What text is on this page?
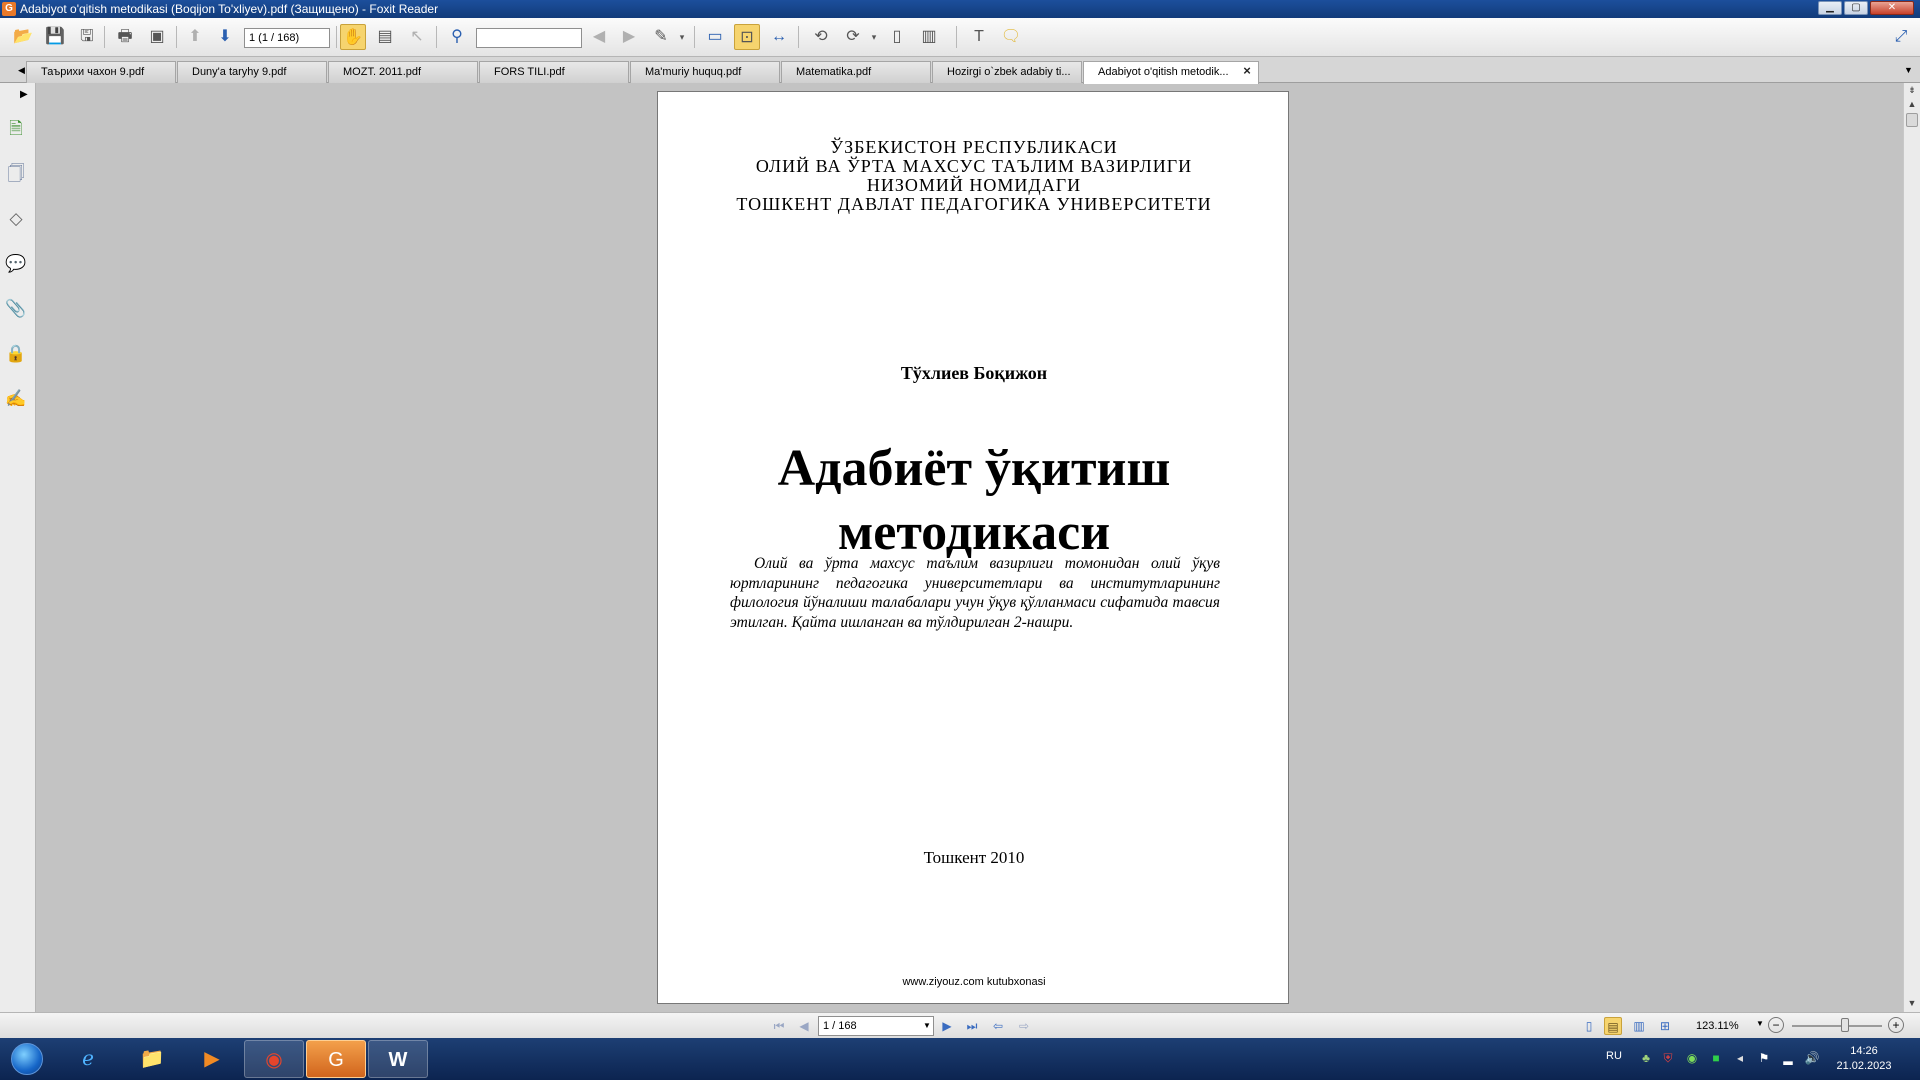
G Adabiyot o'qitish metodikasi (Boqijon To'xliyev).pdf (Защищено) - Foxit Reader	▁	▢	✕
📂 💾 🖫	🖶	▣	⬆	⬇	1 (1 / 168)	✋ ▤	↖	⚲	◀	▶	✎	▾	▭	⊡	↔	⟲	⟳	▾	▯	▥	T	🗨	⤢
◀	Таърихи чахон 9.pdf	Duny'a taryhy 9.pdf	MOZT. 2011.pdf	FORS TILI.pdf	Ma'muriy huquq.pdf	Matematika.pdf	Hozirgi o`zbek adabiy ti...	Adabiyot o'qitish metodik...	×	▼
▶
🗎
🗍
◇
💬
📎
🔒
✍
ЎЗБЕКИСТОН РЕСПУБЛИКАСИ
ОЛИЙ ВА ЎРТА МАХСУС ТАЪЛИМ ВАЗИРЛИГИ
НИЗОМИЙ НОМИДАГИ
ТОШКЕНТ ДАВЛАТ ПЕДАГОГИКА УНИВЕРСИТЕТИ
Тўхлиев Боқижон
Адабиёт ўқитиш
методикаси
Олий ва ўрта махсус таълим вазирлиги томонидан олий ўқув юртларининг педагогика университетлари ва институтларининг филология йўналиши талабалари учун ўқув қўлланмаси сифатида тавсия этилган. Қайта ишланган ва тўлдирилган 2-нашри.
Тошкент 2010
www.ziyouz.com kutubxonasi
⇟
▲
▼
⏮	◀	1 / 168	▼ ▶	⏭	⇦	⇨	▯	▤ ▥	⊞	123.11% ▼ −	+
ℯ	📁	▶	◉	G	W	RU	♣	⛨ ◉	■	◂	⚑ ▂ 🔊	14:26
21.02.2023
